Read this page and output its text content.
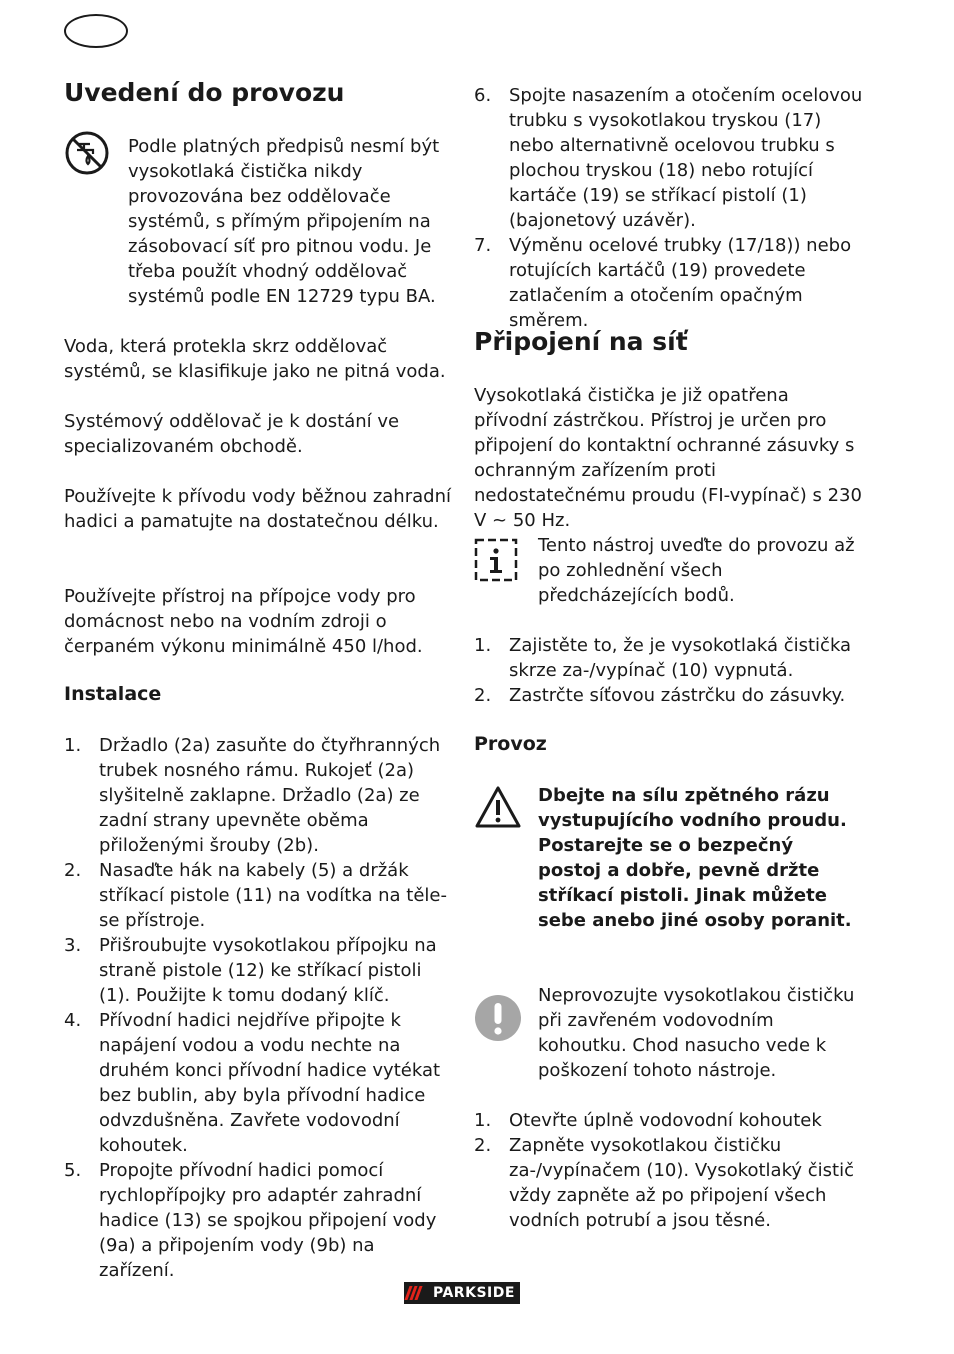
Uvedení do provozu

Podle platných předpisů nesmí být vysokotlaká čistička nikdy provozována bez oddělovače systémů, s přímým připojením na zásobovací síť pro pitnou vodu. Je třeba použít vhodný oddělovač systémů podle EN 12729 typu BA.

Voda, která protekla skrz oddělovač systémů, se klasifikuje jako ne pitná voda.

Systémový oddělovač je k dostání ve specializovaném obchodě.

Používejte k přívodu vody běžnou zahradní hadici a pamatujte na dostatečnou délku.

Používejte přístroj na přípojce vody pro domácnost nebo na vodním zdroji o čerpaném výkonu minimálně 450 l/hod.

Instalace
1. Držadlo (2a) zasuňte do čtyřhranných trubek nosného rámu. Rukojeť (2a) slyšitelně zaklapne. Držadlo (2a) ze zadní strany upevněte oběma přiloženými šrouby (2b).
2. Nasaďte hák na kabely (5) a držák stříkací pistole (11) na vodítka na tělese přístroje.
3. Přišroubujte vysokotlakou přípojku na straně pistole (12) ke stříkací pistoli (1). Použijte k tomu dodaný klíč.
4. Přívodní hadici nejdříve připojte k napájení vodou a vodu nechte na druhém konci přívodní hadice vytékat bez bublin, aby byla přívodní hadice odvzdušněna. Zavřete vodovodní kohoutek.
5. Propojte přívodní hadici pomocí rychlopřípojky pro adaptér zahradní hadice (13) se spojkou připojení vody (9a) a připojením vody (9b) na zařízení.
6. Spojte nasazením a otočením ocelovou trubku s vysokotlakou tryskou (17) nebo alternativně ocelovou trubku s plochou tryskou (18) nebo rotující kartáče (19) se stříkací pistolí (1) (bajonetový uzávěr).
7. Výměnu ocelové trubky (17/18)) nebo rotujících kartáčů (19) provedete zatlačením a otočením opačným směrem.
Připojení na síť

Vysokotlaká čistička je již opatřena přívodní zástrčkou. Přístroj je určen pro připojení do kontaktní ochranné zásuvky s ochranným zařízením proti nedostatečnému proudu (FI-vypínač) s 230 V ~ 50 Hz.

Tento nástroj uveďte do provozu až po zohlednění všech předcházejících bodů.

1. Zajistěte to, že je vysokotlaká čistička skrze za-/vypínač (10) vypnutá.
2. Zastrčte síťovou zástrčku do zásuvky.
Provoz

Dbejte na sílu zpětného rázu vystupujícího vodního proudu. Postarejte se o bezpečný postoj a dobře, pevně držte stříkací pistoli. Jinak můžete sebe anebo jiné osoby poranit.

Neprovozujte vysokotlakou čističku při zavřeném vodovodním kohoutku. Chod nasucho vede k poškození tohoto nástroje.

1. Otevřte úplně vodovodní kohoutek
2. Zapněte vysokotlakou čističku za-/vypínačem (10). Vysokotlaký čistič vždy zapněte až po připojení všech vodních potrubí a jsou těsné.
PARKSIDE
